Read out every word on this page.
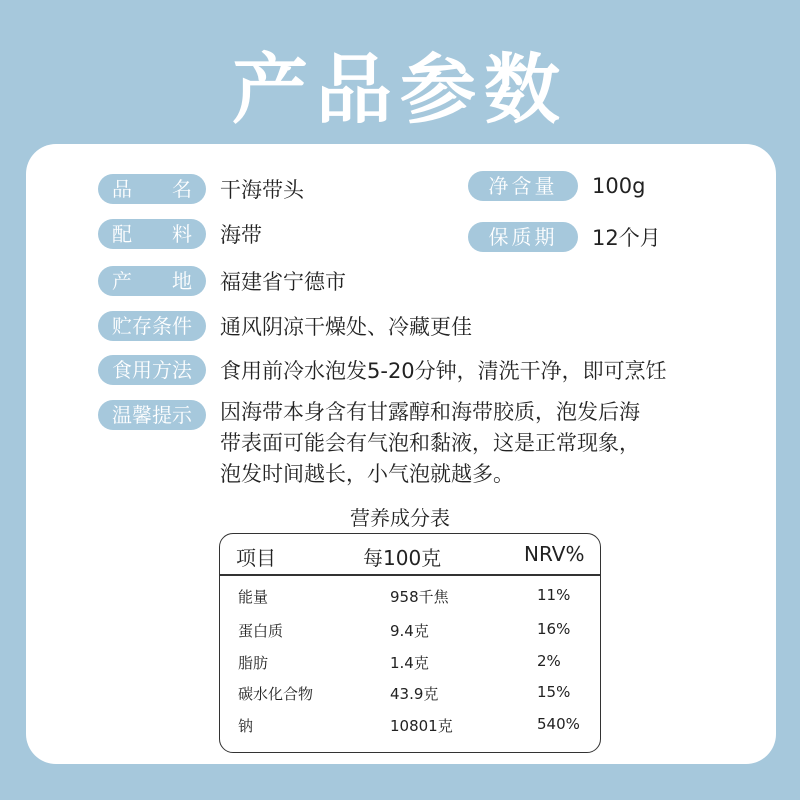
产品参数
品 名 干海带头	净含量	100g
配 料 海带	保质期	12个月
产 地 福建省宁德市
贮存条件	通风阴凉干燥处、冷藏更佳
食用方法	食用前冷水泡发5-20分钟，清洗干净，即可烹饪
温馨提示	因海带本身含有甘露醇和海带胶质，泡发后海
带表面可能会有气泡和黏液，这是正常现象，
泡发时间越长，小气泡就越多。
营养成分表
项目	每100克	NRV%
能量	958千焦	11%
蛋白质	9.4克	16%
脂肪	1.4克	2%
碳水化合物	43.9克	15%
钠	10801克	540%
